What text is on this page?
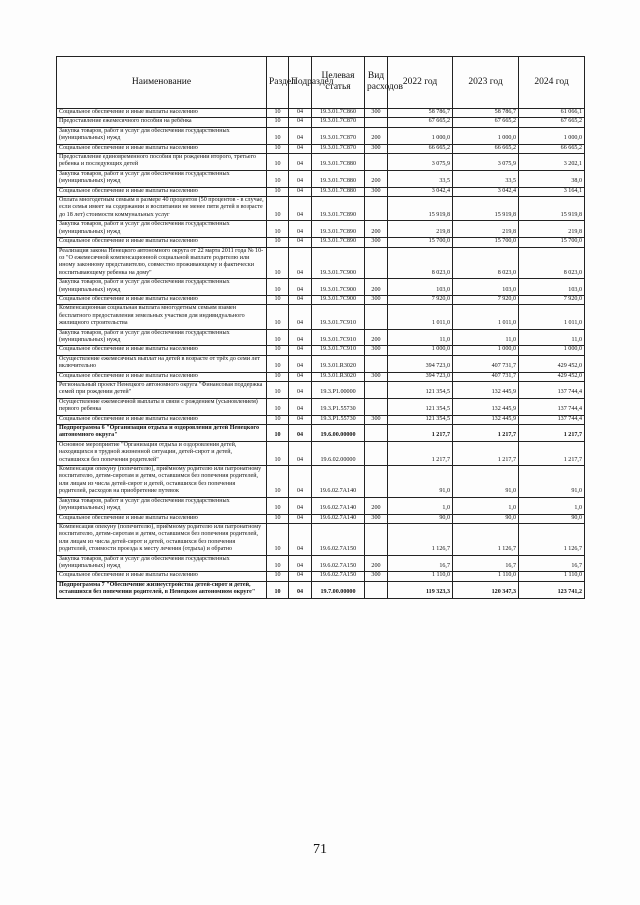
Наименование	Раздел	Подраздел	Целевая статья	Вид расходов	2022 год	2023 год	2024 год
Социальное обеспечение и иные выплаты населению	10	04	19.3.01.7С860	300	58 786,7	58 786,7	61 066,1
Предоставление ежемесячного пособия на ребёнка	10	04	19.3.01.7С870		67 665,2	67 665,2	67 665,2
Закупка товаров, работ и услуг для обеспечения государственных (муниципальных) нужд	10	04	19.3.01.7С870	200	1 000,0	1 000,0	1 000,0
Социальное обеспечение и иные выплаты населению	10	04	19.3.01.7С870	300	66 665,2	66 665,2	66 665,2
Предоставление единовременного пособия при рождении второго, третьего ребенка и последующих детей	10	04	19.3.01.7С880		3 075,9	3 075,9	3 202,1
Закупка товаров, работ и услуг для обеспечения государственных (муниципальных) нужд	10	04	19.3.01.7С880	200	33,5	33,5	38,0
Социальное обеспечение и иные выплаты населению	10	04	19.3.01.7С880	300	3 042,4	3 042,4	3 164,1
Оплата многодетным семьям в размере 40 процентов (50 процентов - в случае, если семья имеет на содержании и воспитании не менее пяти детей в возрасте до 18 лет) стоимости коммунальных услуг	10	04	19.3.01.7С890		15 919,8	15 919,8	15 919,8
Закупка товаров, работ и услуг для обеспечения государственных (муниципальных) нужд	10	04	19.3.01.7С890	200	219,8	219,8	219,8
Социальное обеспечение и иные выплаты населению	10	04	19.3.01.7С890	300	15 700,0	15 700,0	15 700,0
Реализация закона Ненецкого автономного округа от 22 марта 2011 года № 10-оз "О ежемесячной компенсационной социальной выплате родителю или иному законному представителю, совместно проживающему и фактически воспитывающему ребенка на дому"	10	04	19.3.01.7С900		8 023,0	8 023,0	8 023,0
Закупка товаров, работ и услуг для обеспечения государственных (муниципальных) нужд	10	04	19.3.01.7С900	200	103,0	103,0	103,0
Социальное обеспечение и иные выплаты населению	10	04	19.3.01.7С900	300	7 920,0	7 920,0	7 920,0
Компенсационная социальная выплата многодетным семьям взамен бесплатного предоставления земельных участков для индивидуального жилищного строительства	10	04	19.3.01.7С910		1 011,0	1 011,0	1 011,0
Закупка товаров, работ и услуг для обеспечения государственных (муниципальных) нужд	10	04	19.3.01.7С910	200	11,0	11,0	11,0
Социальное обеспечение и иные выплаты населению	10	04	19.3.01.7С910	300	1 000,0	1 000,0	1 000,0
Осуществление ежемесячных выплат на детей в возрасте от трёх до семи лет включительно	10	04	19.3.01.R3020		394 723,0	407 731,7	429 452,0
Социальное обеспечение и иные выплаты населению	10	04	19.3.01.R3020	300	394 723,0	407 731,7	429 452,0
Региональный проект Ненецкого автономного округа "Финансовая поддержка семей при рождении детей"	10	04	19.3.P1.00000		121 354,5	132 445,9	137 744,4
Осуществление ежемесячной выплаты в связи с рождением (усыновлением) первого ребенка	10	04	19.3.P1.55730		121 354,5	132 445,9	137 744,4
Социальное обеспечение и иные выплаты населению	10	04	19.3.P1.55730	300	121 354,5	132 445,9	137 744,4
Подпрограмма 6 "Организация отдыха и оздоровления детей Ненецкого автономного округа"	10	04	19.6.00.00000		1 217,7	1 217,7	1 217,7
Основное мероприятие "Организация отдыха и оздоровления детей, находящихся в трудной жизненной ситуации, детей-сирот и детей, оставшихся без попечения родителей"	10	04	19.6.02.00000		1 217,7	1 217,7	1 217,7
Компенсация опекуну (попечителю), приёмному родителю или патронатному воспитателю, детям-сиротам и детям, оставшимся без попечения родителей, или лицам из числа детей-сирот и детей, оставшихся без попечения родителей, расходов на приобретение путевок	10	04	19.6.02.7А140		91,0	91,0	91,0
Закупка товаров, работ и услуг для обеспечения государственных (муниципальных) нужд	10	04	19.6.02.7А140	200	1,0	1,0	1,0
Социальное обеспечение и иные выплаты населению	10	04	19.6.02.7А140	300	90,0	90,0	90,0
Компенсация опекуну (попечителю), приёмному родителю или патронатному воспитателю, детям-сиротам и детям, оставшимся без попечения родителей, или лицам из числа детей-сирот и детей, оставшихся без попечения родителей, стоимости проезда к месту лечения (отдыха) и обратно	10	04	19.6.02.7А150		1 126,7	1 126,7	1 126,7
Закупка товаров, работ и услуг для обеспечения государственных (муниципальных) нужд	10	04	19.6.02.7А150	200	16,7	16,7	16,7
Социальное обеспечение и иные выплаты населению	10	04	19.6.02.7А150	300	1 110,0	1 110,0	1 110,0
Подпрограмма 7 "Обеспечение жизнеустройства детей-сирот и детей, оставшихся без попечения родителей, в Ненецком автономном округе"	10	04	19.7.00.00000		119 323,3	120 347,3	123 741,2
71
